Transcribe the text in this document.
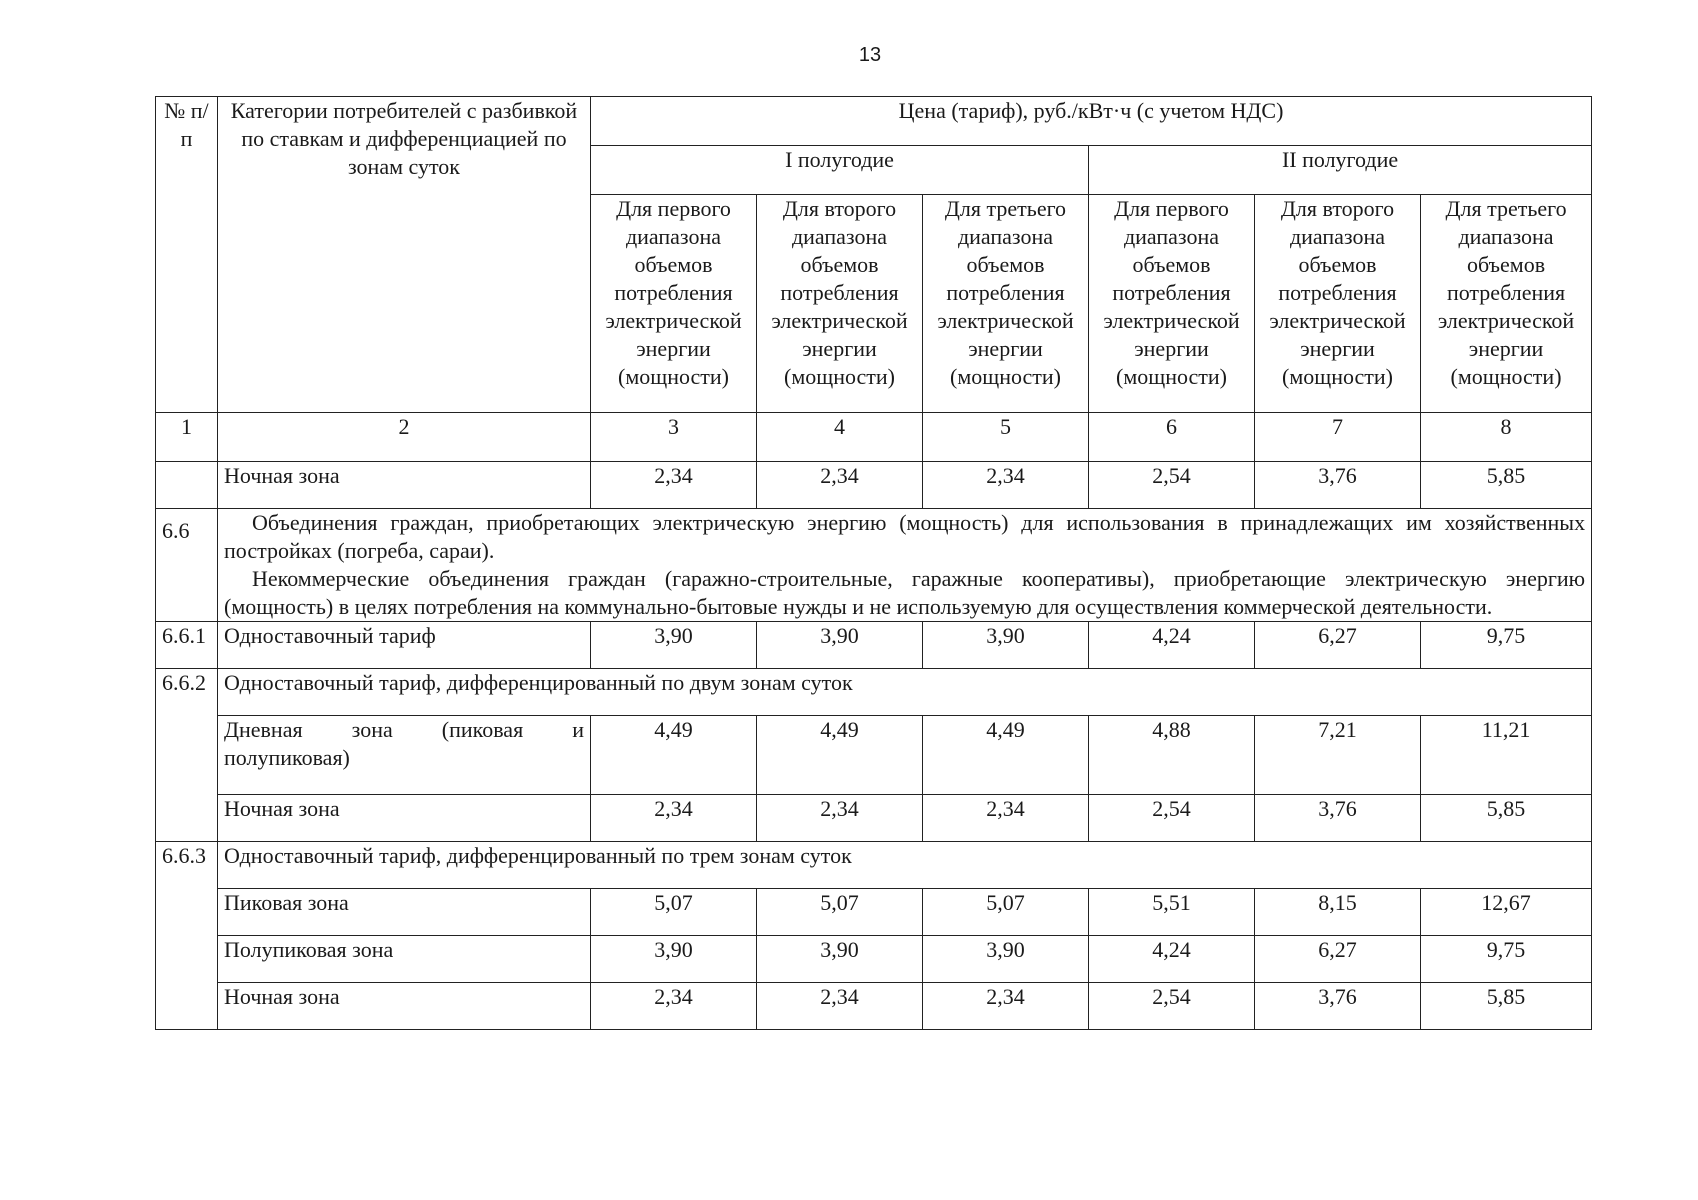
13
№ п/п	Категории потребителей с разбивкой по ставкам и дифференциацией по зонам суток	Цена (тариф), руб./кВт·ч (с учетом НДС)					
		I полугодие			II полугодие		
		Для первого диапазона объемов потребления электрической энергии (мощности)	Для второго диапазона объемов потребления электрической энергии (мощности)	Для третьего диапазона объемов потребления электрической энергии (мощности)	Для первого диапазона объемов потребления электрической энергии (мощности)	Для второго диапазона объемов потребления электрической энергии (мощности)	Для третьего диапазона объемов потребления электрической энергии (мощности)
1	2	3	4	5	6	7	8
	Ночная зона	2,34	2,34	2,34	2,54	3,76	5,85
6.6	Объединения граждан, приобретающих электрическую энергию (мощность) для использования в принадлежащих им хозяйственных постройках (погреба, сараи).

Некоммерческие объединения граждан (гаражно-строительные, гаражные кооперативы), приобретающие электрическую энергию (мощность) в целях потребления на коммунально-бытовые нужды и не используемую для осуществления коммерческой деятельности.						

6.6.1	Одноставочный тариф	3,90	3,90	3,90	4,24	6,27	9,75
6.6.2	Одноставочный тариф, дифференцированный по двум зонам суток						
	Дневная зона (пиковая и полупиковая)	4,49	4,49	4,49	4,88	7,21	11,21
	Ночная зона	2,34	2,34	2,34	2,54	3,76	5,85
6.6.3	Одноставочный тариф, дифференцированный по трем зонам суток						
	Пиковая зона	5,07	5,07	5,07	5,51	8,15	12,67
	Полупиковая зона	3,90	3,90	3,90	4,24	6,27	9,75
	Ночная зона	2,34	2,34	2,34	2,54	3,76	5,85
